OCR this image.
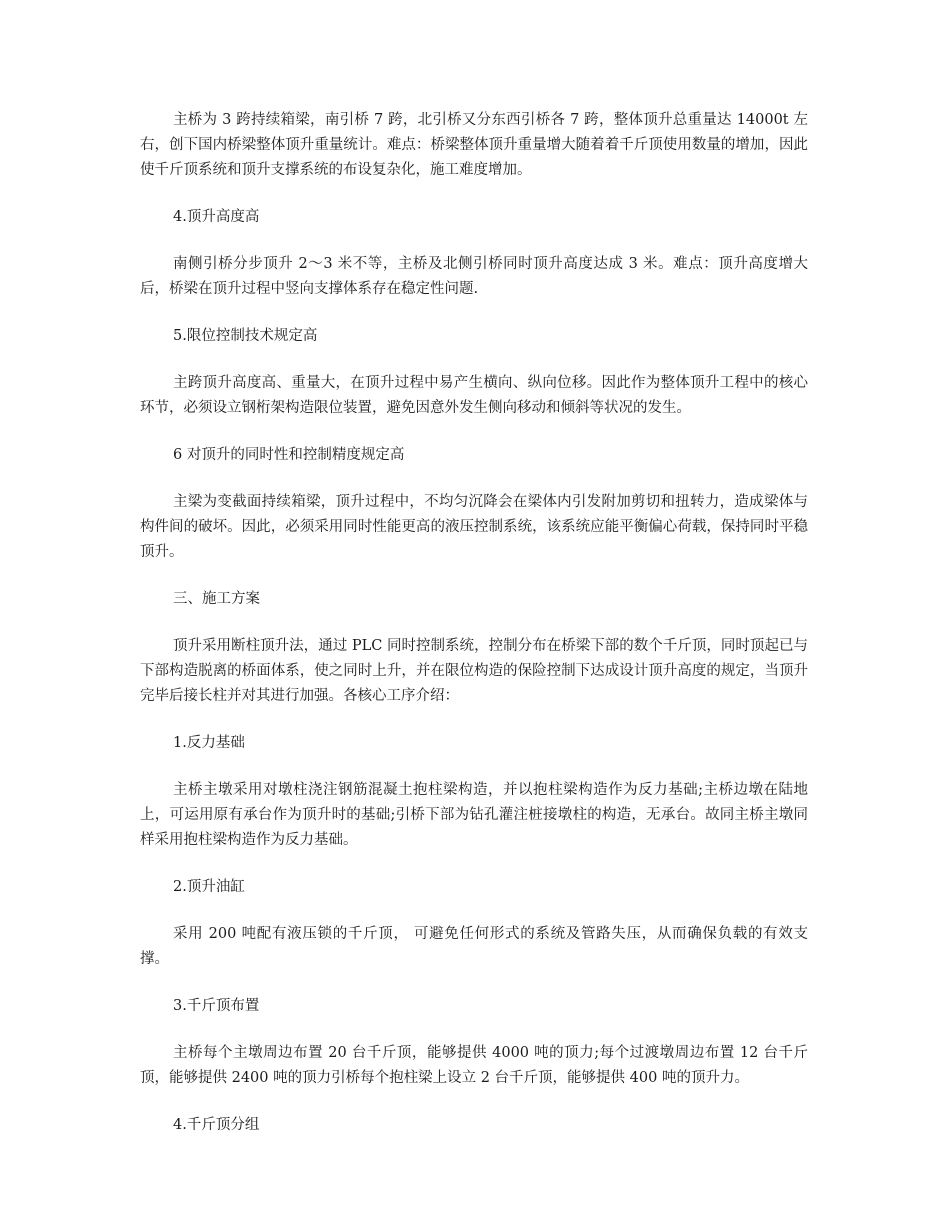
主桥为 3 跨持续箱梁，南引桥 7 跨，北引桥又分东西引桥各 7 跨，整体顶升总重量达 14000t 左右，创下国内桥梁整体顶升重量统计。难点：桥梁整体顶升重量增大随着着千斤顶使用数量的增加，因此使千斤顶系统和顶升支撑系统的布设复杂化，施工难度增加。

4.顶升高度高

南侧引桥分步顶升 2～3 米不等，主桥及北侧引桥同时顶升高度达成 3 米。难点：顶升高度增大后，桥梁在顶升过程中竖向支撑体系存在稳定性问题.

5.限位控制技术规定高

主跨顶升高度高、重量大，在顶升过程中易产生横向、纵向位移。因此作为整体顶升工程中的核心环节，必须设立钢桁架构造限位装置，避免因意外发生侧向移动和倾斜等状况的发生。

6 对顶升的同时性和控制精度规定高

主梁为变截面持续箱梁，顶升过程中，不均匀沉降会在梁体内引发附加剪切和扭转力，造成梁体与构件间的破坏。因此，必须采用同时性能更高的液压控制系统，该系统应能平衡偏心荷载，保持同时平稳顶升。

三、施工方案

顶升采用断柱顶升法，通过 PLC 同时控制系统，控制分布在桥梁下部的数个千斤顶，同时顶起已与下部构造脱离的桥面体系，使之同时上升，并在限位构造的保险控制下达成设计顶升高度的规定，当顶升完毕后接长柱并对其进行加强。各核心工序介绍：

1.反力基础

主桥主墩采用对墩柱浇注钢筋混凝土抱柱梁构造，并以抱柱梁构造作为反力基础;主桥边墩在陆地上，可运用原有承台作为顶升时的基础;引桥下部为钻孔灌注桩接墩柱的构造，无承台。故同主桥主墩同样采用抱柱梁构造作为反力基础。

2.顶升油缸

采用 200 吨配有液压锁的千斤顶， 可避免任何形式的系统及管路失压，从而确保负载的有效支撑。

3.千斤顶布置

主桥每个主墩周边布置 20 台千斤顶，能够提供 4000 吨的顶力;每个过渡墩周边布置 12 台千斤顶，能够提供 2400 吨的顶力引桥每个抱柱梁上设立 2 台千斤顶，能够提供 400 吨的顶升力。

4.千斤顶分组
